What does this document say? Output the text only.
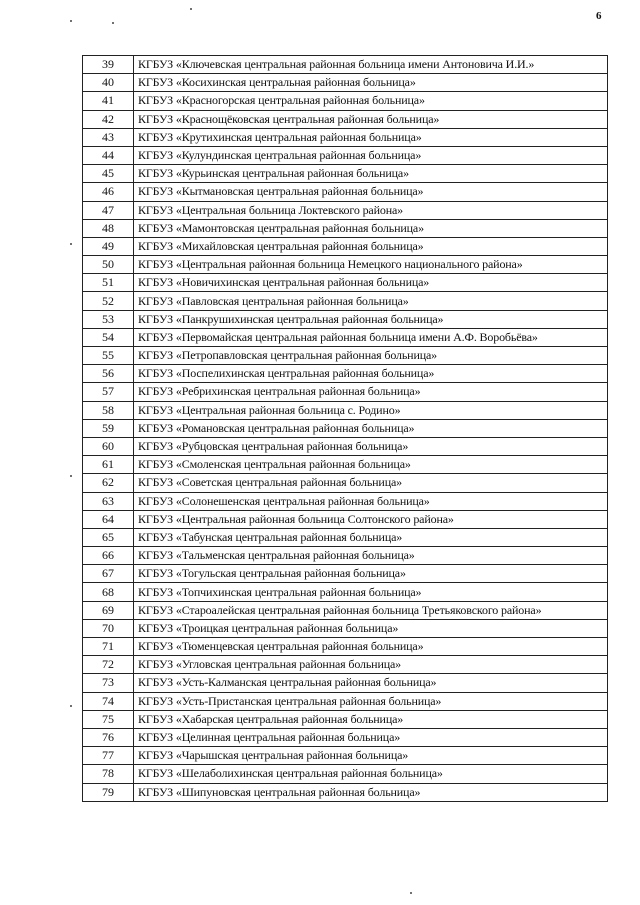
6
39	КГБУЗ «Ключевская центральная районная больница имени Антоновича И.И.»
40	КГБУЗ «Косихинская центральная районная больница»
41	КГБУЗ «Красногорская центральная районная больница»
42	КГБУЗ «Краснощёковская центральная районная больница»
43	КГБУЗ «Крутихинская центральная районная больница»
44	КГБУЗ «Кулундинская центральная районная больница»
45	КГБУЗ «Курьинская центральная районная больница»
46	КГБУЗ «Кытмановская центральная районная больница»
47	КГБУЗ «Центральная больница Локтевского района»
48	КГБУЗ «Мамонтовская центральная районная больница»
49	КГБУЗ «Михайловская центральная районная больница»
50	КГБУЗ «Центральная районная больница Немецкого национального района»
51	КГБУЗ «Новичихинская центральная районная больница»
52	КГБУЗ «Павловская центральная районная больница»
53	КГБУЗ «Панкрушихинская центральная районная больница»
54	КГБУЗ «Первомайская центральная районная больница имени А.Ф. Воробьёва»
55	КГБУЗ «Петропавловская центральная районная больница»
56	КГБУЗ «Поспелихинская центральная районная больница»
57	КГБУЗ «Ребрихинская центральная районная больница»
58	КГБУЗ «Центральная районная больница с. Родино»
59	КГБУЗ «Романовская центральная районная больница»
60	КГБУЗ «Рубцовская центральная районная больница»
61	КГБУЗ «Смоленская центральная районная больница»
62	КГБУЗ «Советская центральная районная больница»
63	КГБУЗ «Солонешенская центральная районная больница»
64	КГБУЗ «Центральная районная больница Солтонского района»
65	КГБУЗ «Табунская центральная районная больница»
66	КГБУЗ «Тальменская центральная районная больница»
67	КГБУЗ «Тогульская центральная районная больница»
68	КГБУЗ «Топчихинская центральная районная больница»
69	КГБУЗ «Староалейская центральная районная больница Третьяковского района»
70	КГБУЗ «Троицкая центральная районная больница»
71	КГБУЗ «Тюменцевская центральная районная больница»
72	КГБУЗ «Угловская центральная районная больница»
73	КГБУЗ «Усть-Калманская центральная районная больница»
74	КГБУЗ «Усть-Пристанская центральная районная больница»
75	КГБУЗ «Хабарская центральная районная больница»
76	КГБУЗ «Целинная центральная районная больница»
77	КГБУЗ «Чарышская центральная районная больница»
78	КГБУЗ «Шелаболихинская центральная районная больница»
79	КГБУЗ «Шипуновская центральная районная больница»
